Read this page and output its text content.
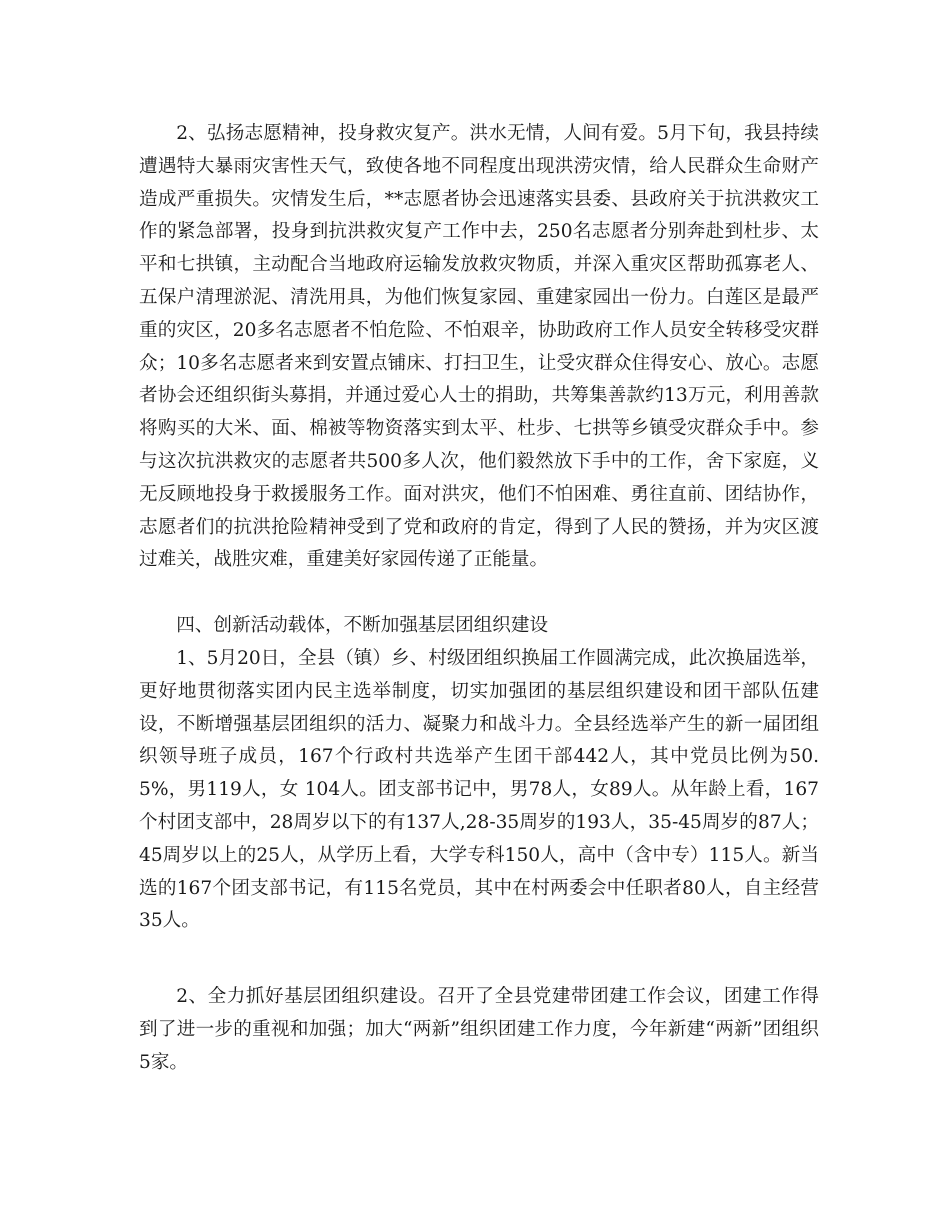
2、弘扬志愿精神，投身救灾复产。洪水无情，人间有爱。5月下旬，我县持续遭遇特大暴雨灾害性天气，致使各地不同程度出现洪涝灾情，给人民群众生命财产造成严重损失。灾情发生后，**志愿者协会迅速落实县委、县政府关于抗洪救灾工作的紧急部署，投身到抗洪救灾复产工作中去，250名志愿者分别奔赴到杜步、太平和七拱镇，主动配合当地政府运输发放救灾物质，并深入重灾区帮助孤寡老人、五保户清理淤泥、清洗用具，为他们恢复家园、重建家园出一份力。白莲区是最严重的灾区，20多名志愿者不怕危险、不怕艰辛，协助政府工作人员安全转移受灾群众；10多名志愿者来到安置点铺床、打扫卫生，让受灾群众住得安心、放心。志愿者协会还组织街头募捐，并通过爱心人士的捐助，共筹集善款约13万元，利用善款将购买的大米、面、棉被等物资落实到太平、杜步、七拱等乡镇受灾群众手中。参与这次抗洪救灾的志愿者共500多人次，他们毅然放下手中的工作，舍下家庭，义无反顾地投身于救援服务工作。面对洪灾，他们不怕困难、勇往直前、团结协作，志愿者们的抗洪抢险精神受到了党和政府的肯定，得到了人民的赞扬，并为灾区渡过难关，战胜灾难，重建美好家园传递了正能量。

四、创新活动载体，不断加强基层团组织建设

1、5月20日，全县（镇）乡、村级团组织换届工作圆满完成，此次换届选举，更好地贯彻落实团内民主选举制度，切实加强团的基层组织建设和团干部队伍建设，不断增强基层团组织的活力、凝聚力和战斗力。全县经选举产生的新一届团组织领导班子成员，167个行政村共选举产生团干部442人，其中党员比例为50.5%，男119人，女 104人。团支部书记中，男78人，女89人。从年龄上看，167个村团支部中，28周岁以下的有137人,28-35周岁的193人，35-45周岁的87人；45周岁以上的25人，从学历上看，大学专科150人，高中（含中专）115人。新当选的167个团支部书记，有115名党员，其中在村两委会中任职者80人，自主经营35人。

2、全力抓好基层团组织建设。召开了全县党建带团建工作会议，团建工作得到了进一步的重视和加强；加大“两新”组织团建工作力度，今年新建“两新”团组织5家。
